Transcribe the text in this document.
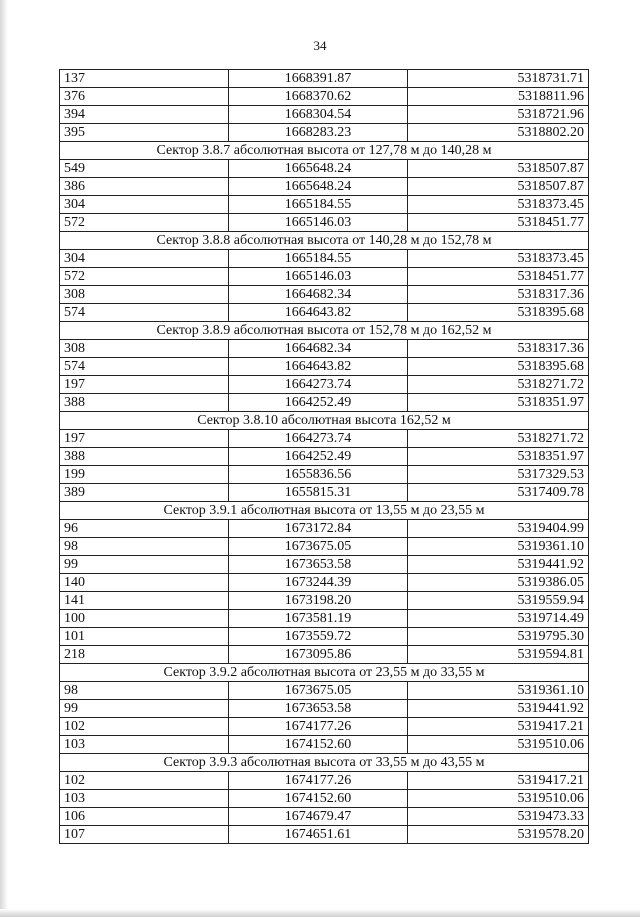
34
137	1668391.87	5318731.71
376	1668370.62	5318811.96
394	1668304.54	5318721.96
395	1668283.23	5318802.20
Сектор 3.8.7 абсолютная высота от 127,78 м до 140,28 м		
549	1665648.24	5318507.87
386	1665648.24	5318507.87
304	1665184.55	5318373.45
572	1665146.03	5318451.77
Сектор 3.8.8 абсолютная высота от 140,28 м до 152,78 м		
304	1665184.55	5318373.45
572	1665146.03	5318451.77
308	1664682.34	5318317.36
574	1664643.82	5318395.68
Сектор 3.8.9 абсолютная высота от 152,78 м до 162,52 м		
308	1664682.34	5318317.36
574	1664643.82	5318395.68
197	1664273.74	5318271.72
388	1664252.49	5318351.97
Сектор 3.8.10 абсолютная высота 162,52 м		
197	1664273.74	5318271.72
388	1664252.49	5318351.97
199	1655836.56	5317329.53
389	1655815.31	5317409.78
Сектор 3.9.1 абсолютная высота от 13,55 м до 23,55 м		
96	1673172.84	5319404.99
98	1673675.05	5319361.10
99	1673653.58	5319441.92
140	1673244.39	5319386.05
141	1673198.20	5319559.94
100	1673581.19	5319714.49
101	1673559.72	5319795.30
218	1673095.86	5319594.81
Сектор 3.9.2 абсолютная высота от 23,55 м до 33,55 м		
98	1673675.05	5319361.10
99	1673653.58	5319441.92
102	1674177.26	5319417.21
103	1674152.60	5319510.06
Сектор 3.9.3 абсолютная высота от 33,55 м до 43,55 м		
102	1674177.26	5319417.21
103	1674152.60	5319510.06
106	1674679.47	5319473.33
107	1674651.61	5319578.20
